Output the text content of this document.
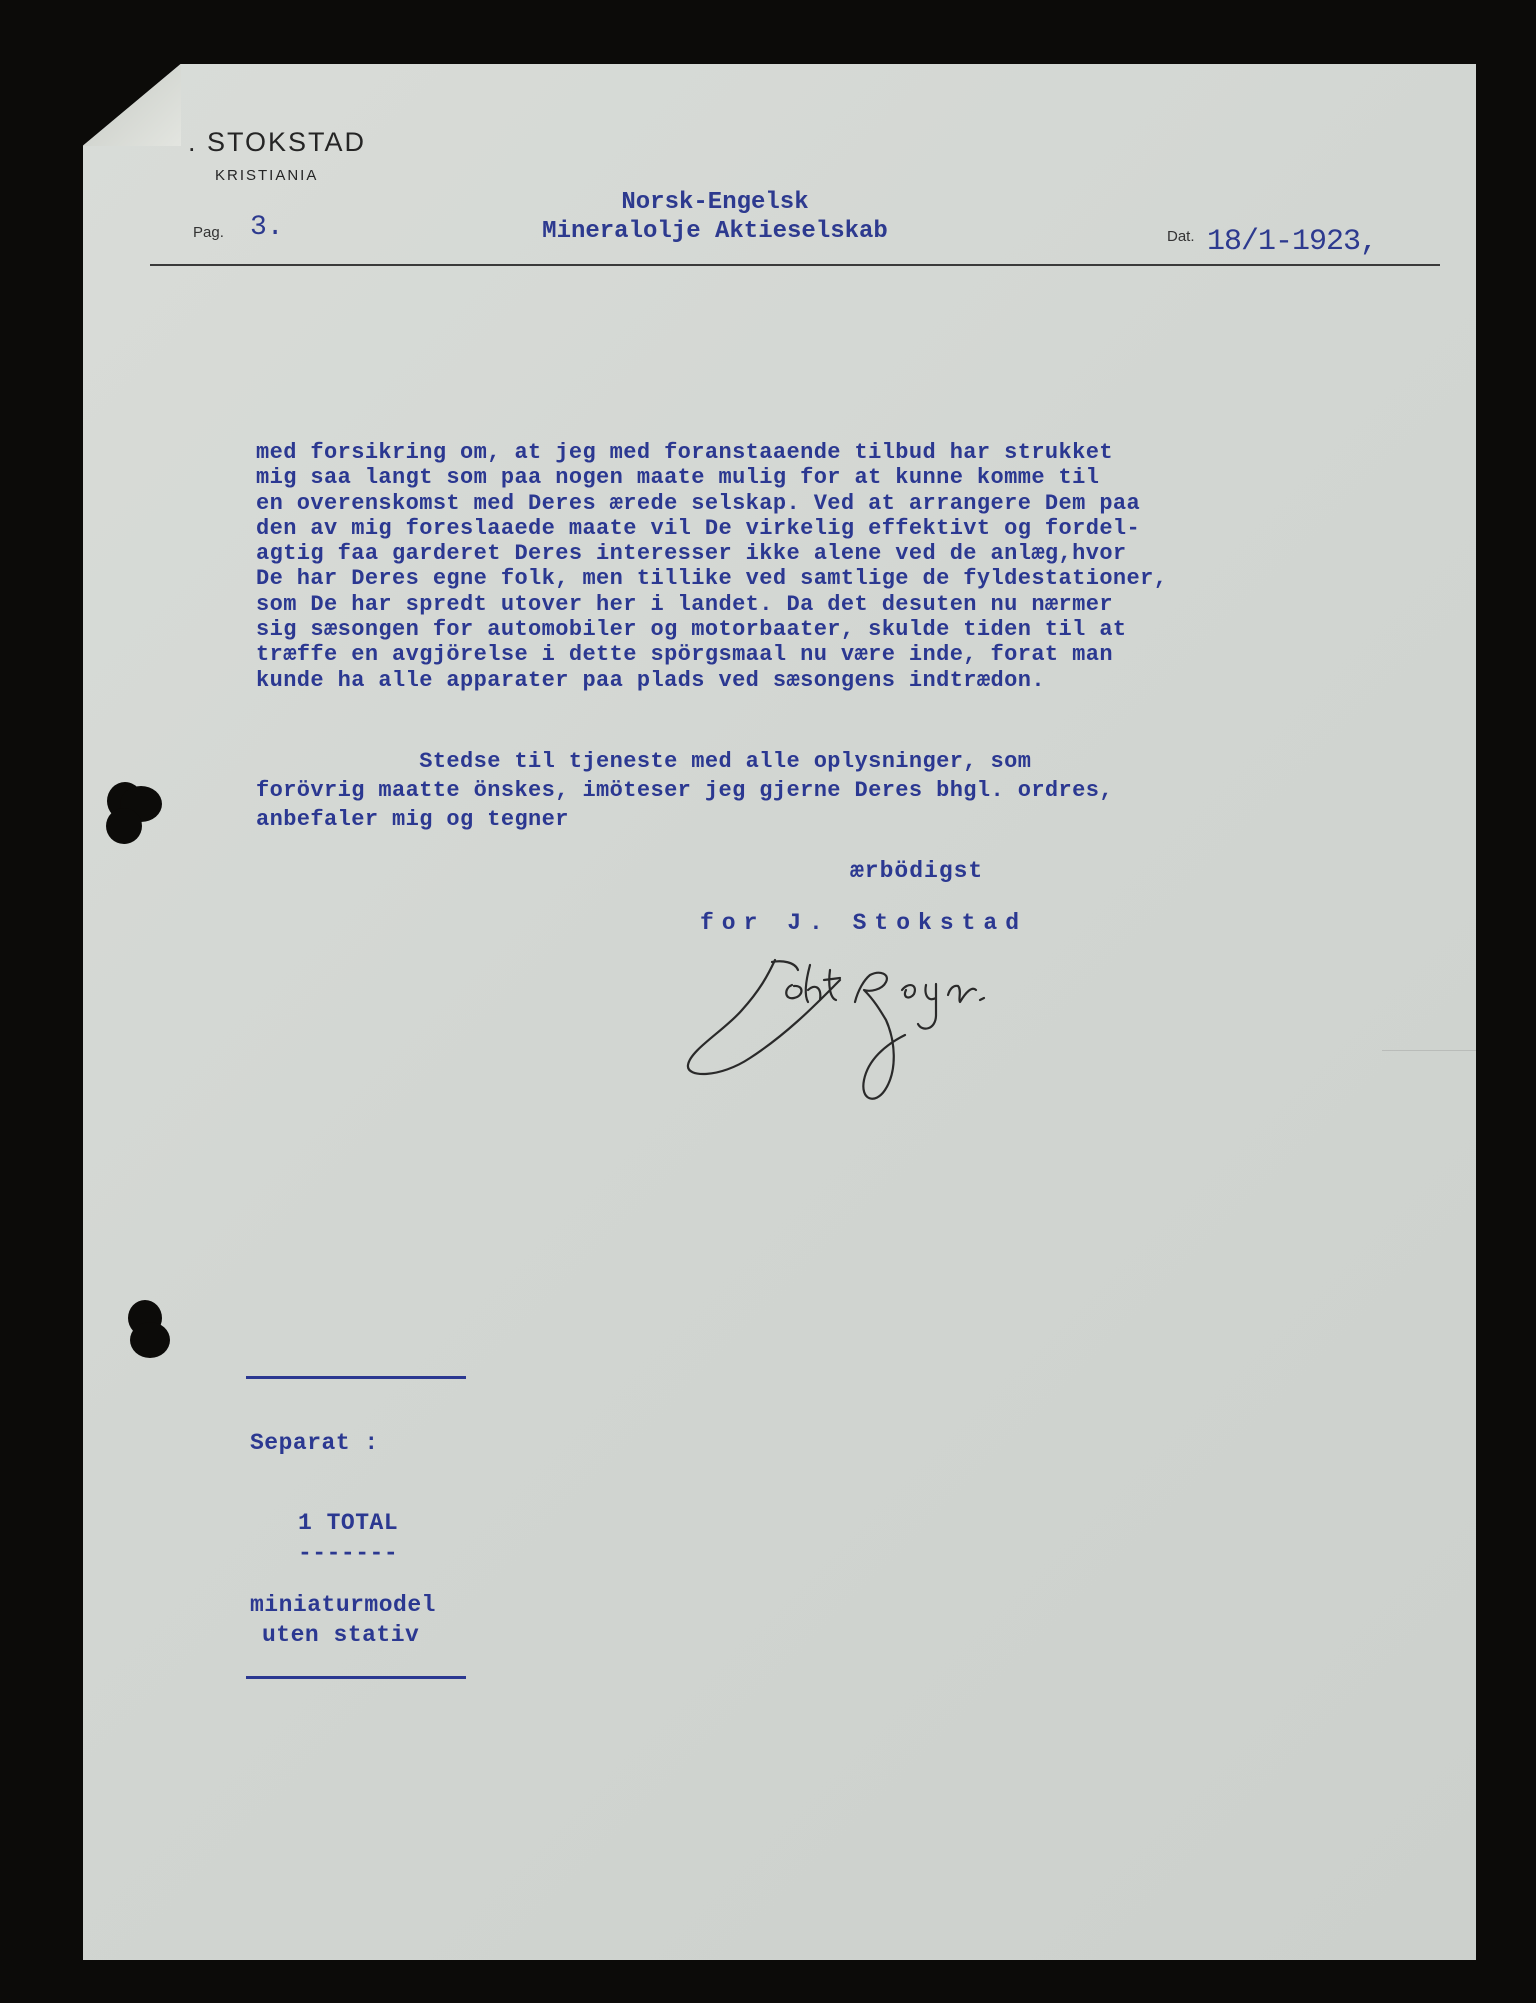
. STOKSTAD
KRISTIANIA
Pag. 3.
Norsk-Engelsk
Mineralolje Aktieselskab	Dat. 18/1-1923,
med forsikring om, at jeg med foranstaaende tilbud har strukket
mig saa langt som paa nogen maate mulig for at kunne komme til
en overenskomst med Deres ærede selskap. Ved at arrangere Dem paa
den av mig foreslaaede maate vil De virkelig effektivt og fordel-
agtig faa garderet Deres interesser ikke alene ved de anlæg,hvor
De har Deres egne folk, men tillike ved samtlige de fyldestationer,
som De har spredt utover her i landet. Da det desuten nu nærmer
sig sæsongen for automobiler og motorbaater, skulde tiden til at
træffe en avgjörelse i dette spörgsmaal nu være inde, forat man
kunde ha alle apparater paa plads ved sæsongens indtrædon.
Stedse til tjeneste med alle oplysninger, som
forövrig maatte önskes, imöteser jeg gjerne Deres bhgl. ordres,
anbefaler mig og tegner
ærbödigst
for J. Stokstad
Separat :
1 TOTAL
-------
miniaturmodel
uten stativ
